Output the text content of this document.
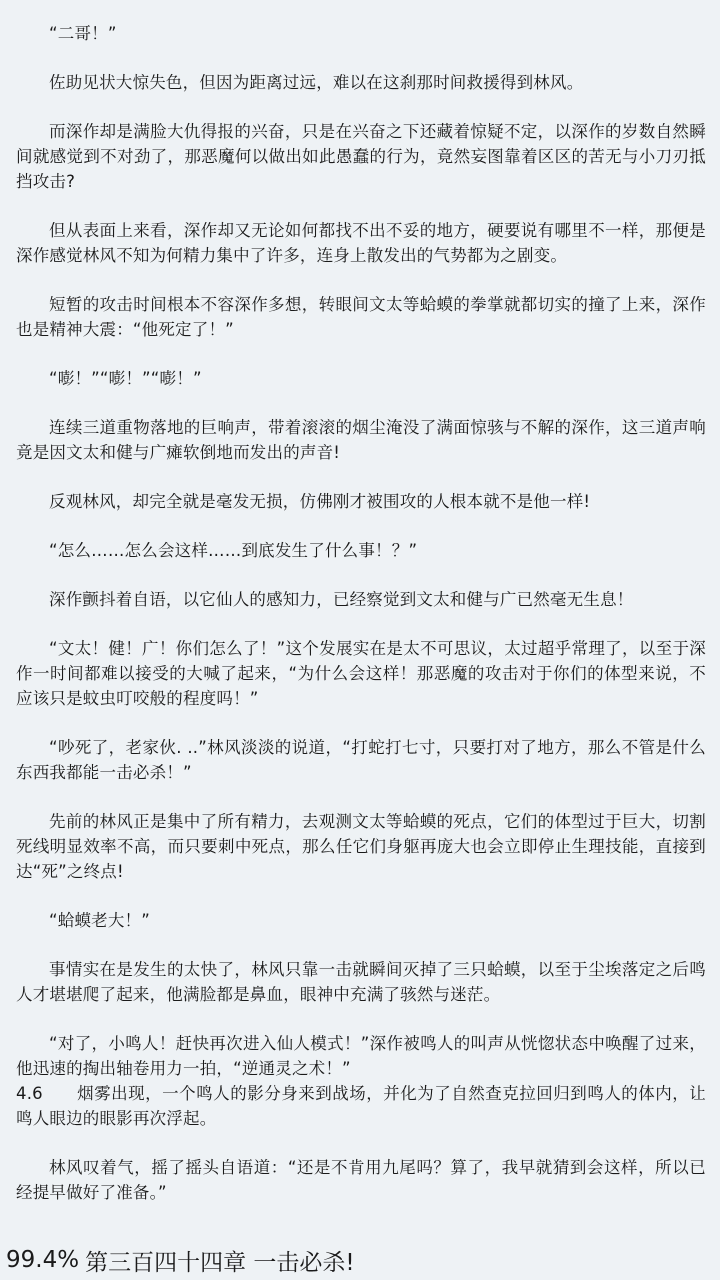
“二哥！”

佐助见状大惊失色，但因为距离过远，难以在这刹那时间救援得到林风。

而深作却是满脸大仇得报的兴奋，只是在兴奋之下还藏着惊疑不定，以深作的岁数自然瞬间就感觉到不对劲了，那恶魔何以做出如此愚蠢的行为，竟然妄图靠着区区的苦无与小刀刃抵挡攻击?

但从表面上来看，深作却又无论如何都找不出不妥的地方，硬要说有哪里不一样，那便是深作感觉林风不知为何精力集中了许多，连身上散发出的气势都为之剧变。

短暂的攻击时间根本不容深作多想，转眼间文太等蛤蟆的拳掌就都切实的撞了上来，深作也是精神大震：“他死定了！”

“嘭！”“嘭！”“嘭！”

连续三道重物落地的巨响声，带着滚滚的烟尘淹没了满面惊骇与不解的深作，这三道声响竟是因文太和健与广瘫软倒地而发出的声音!

反观林风，却完全就是毫发无损，仿佛刚才被围攻的人根本就不是他一样!

“怎么……怎么会这样……到底发生了什么事！？”

深作颤抖着自语，以它仙人的感知力，已经察觉到文太和健与广已然毫无生息！

“文太！健！广！你们怎么了！”这个发展实在是太不可思议，太过超乎常理了，以至于深作一时间都难以接受的大喊了起来，“为什么会这样！那恶魔的攻击对于你们的体型来说，不应该只是蚊虫叮咬般的程度吗！”

“吵死了，老家伙. ..”林风淡淡的说道，“打蛇打七寸，只要打对了地方，那么不管是什么东西我都能一击必杀！”

先前的林风正是集中了所有精力，去观测文太等蛤蟆的死点，它们的体型过于巨大，切割死线明显效率不高，而只要刺中死点，那么任它们身躯再庞大也会立即停止生理技能，直接到达“死”之终点!

“蛤蟆老大！”

事情实在是发生的太快了，林风只靠一击就瞬间灭掉了三只蛤蟆，以至于尘埃落定之后鸣人才堪堪爬了起来，他满脸都是鼻血，眼神中充满了骇然与迷茫。

“对了，小鸣人！赶快再次进入仙人模式！”深作被鸣人的叫声从恍惚状态中唤醒了过来，他迅速的掏出轴卷用力一拍，“逆通灵之术！”

4.6　　烟雾出现，一个鸣人的影分身来到战场，并化为了自然查克拉回归到鸣人的体内，让鸣人眼边的眼影再次浮起。

林风叹着气，摇了摇头自语道：“还是不肯用九尾吗？算了，我早就猜到会这样，所以已经提早做好了准备。”

99.4% 第三百四十四章 一击必杀!
